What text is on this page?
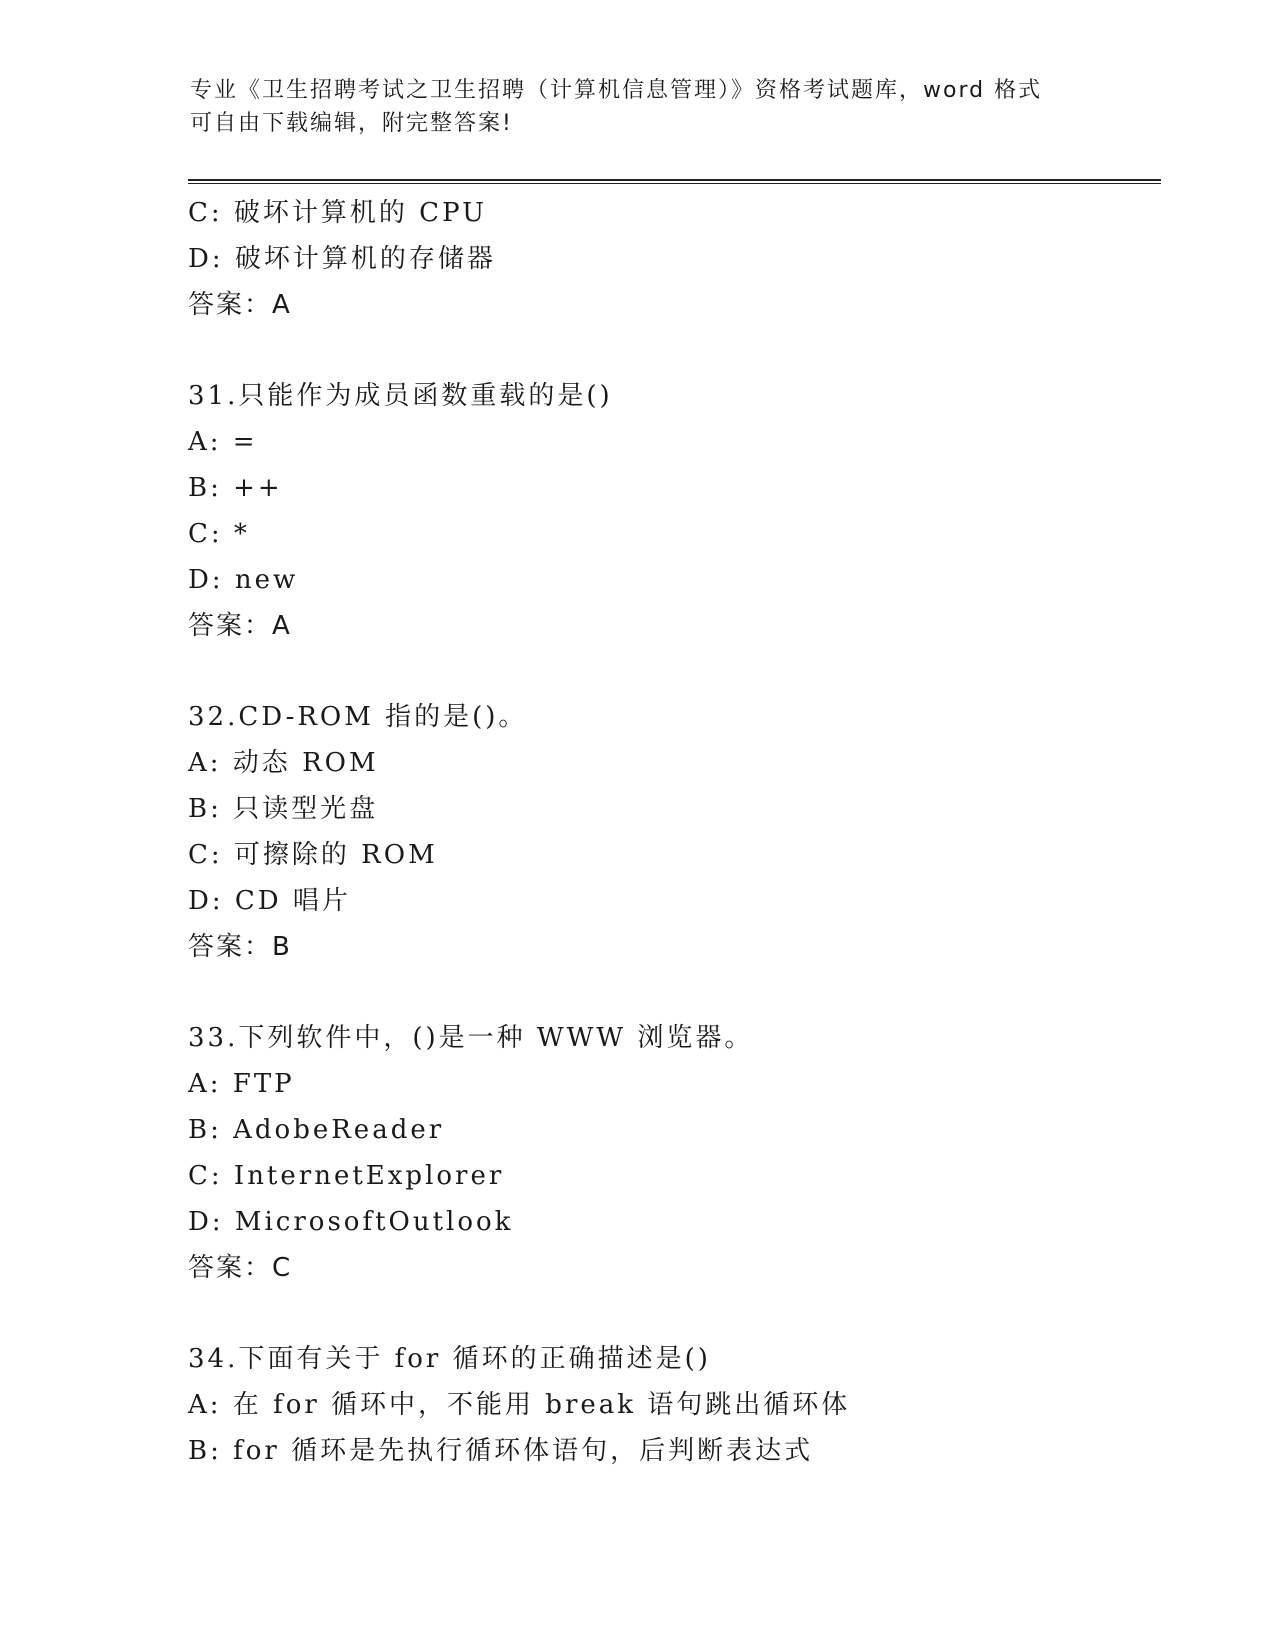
专业《卫生招聘考试之卫生招聘（计算机信息管理）》资格考试题库，word 格式
可自由下载编辑，附完整答案!
C: 破坏计算机的 CPU
D: 破坏计算机的存储器
答案：A
31.只能作为成员函数重载的是()
A: =
B: ++
C: *
D: new
答案：A
32.CD-ROM 指的是()。
A: 动态 ROM
B: 只读型光盘
C: 可擦除的 ROM
D: CD 唱片
答案：B
33.下列软件中，()是一种 WWW 浏览器。
A: FTP
B: AdobeReader
C: InternetExplorer
D: MicrosoftOutlook
答案：C
34.下面有关于 for 循环的正确描述是()
A: 在 for 循环中，不能用 break 语句跳出循环体
B: for 循环是先执行循环体语句，后判断表达式
